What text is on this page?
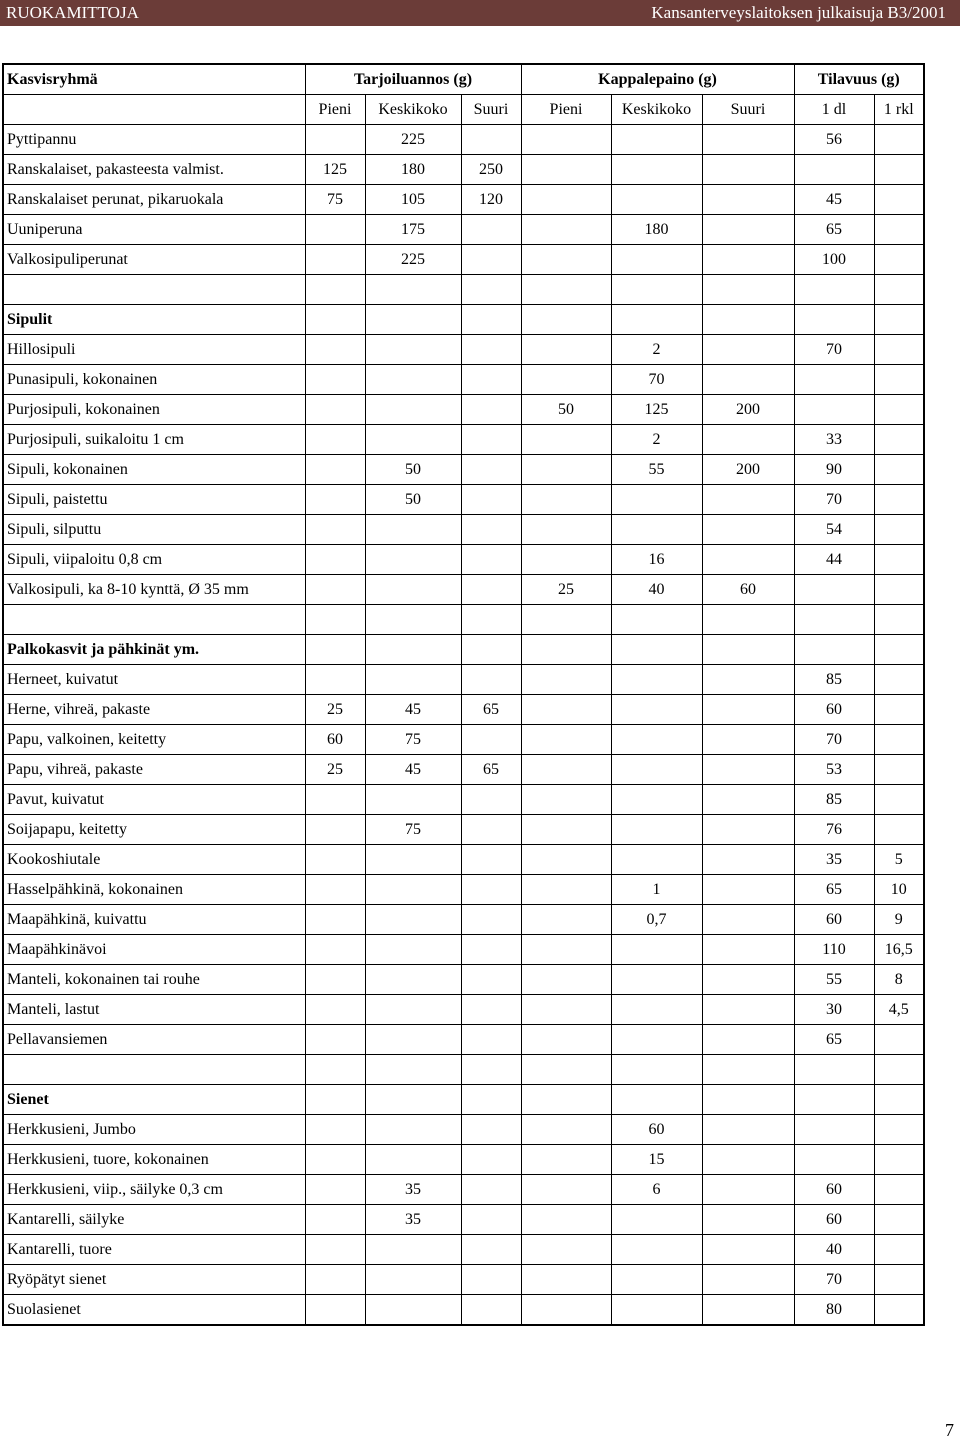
RUOKAMITTOJA	Kansanterveyslaitoksen julkaisuja B3/2001
Kasvisryhmä	Tarjoiluannos (g)			Kappalepaino (g)			Tilavuus (g)	
	Pieni	Keskikoko	Suuri	Pieni	Keskikoko	Suuri	1 dl	1 rkl
Pyttipannu		225					56	
Ranskalaiset, pakasteesta valmist.	125	180	250					
Ranskalaiset perunat, pikaruokala	75	105	120				45	
Uuniperuna		175			180		65	
Valkosipuliperunat		225					100	

Sipulit								
Hillosipuli					2		70	
Punasipuli, kokonainen					70			
Purjosipuli, kokonainen				50	125	200		
Purjosipuli, suikaloitu 1 cm					2		33	
Sipuli, kokonainen		50			55	200	90	
Sipuli, paistettu		50					70	
Sipuli, silputtu							54	
Sipuli, viipaloitu 0,8 cm					16		44	
Valkosipuli, ka 8-10 kynttä, Ø 35 mm				25	40	60		

Palkokasvit ja pähkinät ym.								
Herneet, kuivatut							85	
Herne, vihreä, pakaste	25	45	65				60	
Papu, valkoinen, keitetty	60	75					70	
Papu, vihreä, pakaste	25	45	65				53	
Pavut, kuivatut							85	
Soijapapu, keitetty		75					76	
Kookoshiutale							35	5
Hasselpähkinä, kokonainen					1		65	10
Maapähkinä, kuivattu					0,7		60	9
Maapähkinävoi							110	16,5
Manteli, kokonainen tai rouhe							55	8
Manteli, lastut							30	4,5
Pellavansiemen							65	

Sienet								
Herkkusieni, Jumbo					60			
Herkkusieni, tuore, kokonainen					15			
Herkkusieni, viip., säilyke 0,3 cm		35			6		60	
Kantarelli, säilyke		35					60	
Kantarelli, tuore							40	
Ryöpätyt sienet							70	
Suolasienet							80	
7
